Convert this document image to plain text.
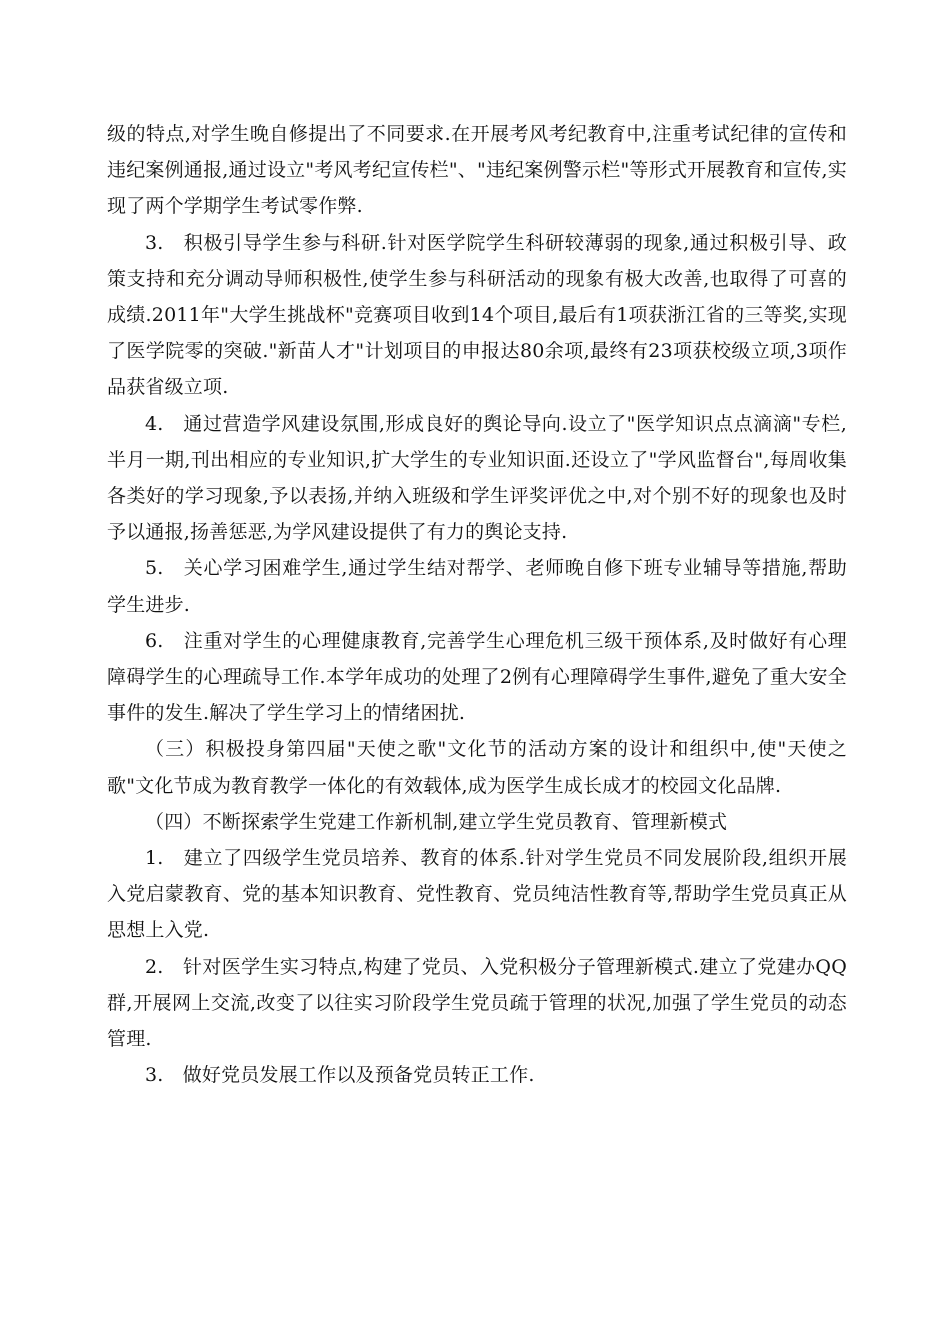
级的特点,对学生晚自修提出了不同要求.在开展考风考纪教育中,注重考试纪律的宣传和违纪案例通报,通过设立"考风考纪宣传栏"、"违纪案例警示栏"等形式开展教育和宣传,实现了两个学期学生考试零作弊.

3.　积极引导学生参与科研.针对医学院学生科研较薄弱的现象,通过积极引导、政策支持和充分调动导师积极性,使学生参与科研活动的现象有极大改善,也取得了可喜的成绩.2011年"大学生挑战杯"竞赛项目收到14个项目,最后有1项获浙江省的三等奖,实现了医学院零的突破."新苗人才"计划项目的申报达80余项,最终有23项获校级立项,3项作品获省级立项.

4.　通过营造学风建设氛围,形成良好的舆论导向.设立了"医学知识点点滴滴"专栏,半月一期,刊出相应的专业知识,扩大学生的专业知识面.还设立了"学风监督台",每周收集各类好的学习现象,予以表扬,并纳入班级和学生评奖评优之中,对个别不好的现象也及时予以通报,扬善惩恶,为学风建设提供了有力的舆论支持.

5.　关心学习困难学生,通过学生结对帮学、老师晚自修下班专业辅导等措施,帮助学生进步.

6.　注重对学生的心理健康教育,完善学生心理危机三级干预体系,及时做好有心理障碍学生的心理疏导工作.本学年成功的处理了2例有心理障碍学生事件,避免了重大安全事件的发生.解决了学生学习上的情绪困扰.

（三）积极投身第四届"天使之歌"文化节的活动方案的设计和组织中,使"天使之歌"文化节成为教育教学一体化的有效载体,成为医学生成长成才的校园文化品牌.

（四）不断探索学生党建工作新机制,建立学生党员教育、管理新模式

1.　建立了四级学生党员培养、教育的体系.针对学生党员不同发展阶段,组织开展入党启蒙教育、党的基本知识教育、党性教育、党员纯洁性教育等,帮助学生党员真正从思想上入党.

2.　针对医学生实习特点,构建了党员、入党积极分子管理新模式.建立了党建办QQ群,开展网上交流,改变了以往实习阶段学生党员疏于管理的状况,加强了学生党员的动态管理.

3.　做好党员发展工作以及预备党员转正工作.
